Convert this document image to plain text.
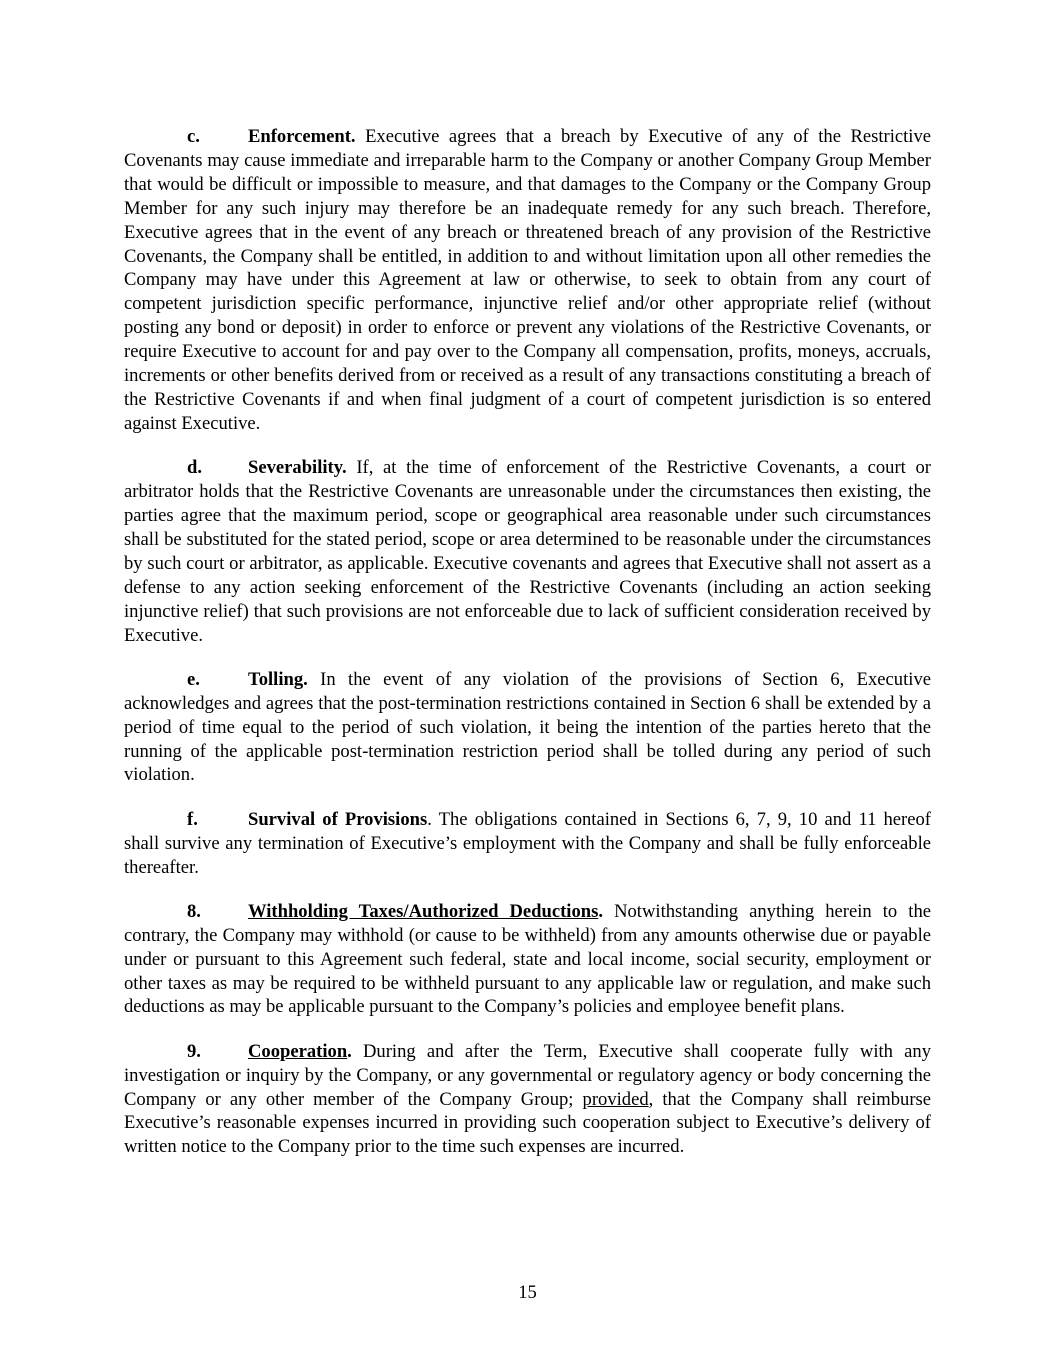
c.	Enforcement. Executive agrees that a breach by Executive of any of the Restrictive Covenants may cause immediate and irreparable harm to the Company or another Company Group Member that would be difficult or impossible to measure, and that damages to the Company or the Company Group Member for any such injury may therefore be an inadequate remedy for any such breach. Therefore, Executive agrees that in the event of any breach or threatened breach of any provision of the Restrictive Covenants, the Company shall be entitled, in addition to and without limitation upon all other remedies the Company may have under this Agreement at law or otherwise, to seek to obtain from any court of competent jurisdiction specific performance, injunctive relief and/or other appropriate relief (without posting any bond or deposit) in order to enforce or prevent any violations of the Restrictive Covenants, or require Executive to account for and pay over to the Company all compensation, profits, moneys, accruals, increments or other benefits derived from or received as a result of any transactions constituting a breach of the Restrictive Covenants if and when final judgment of a court of competent jurisdiction is so entered against Executive.

d. Severability. If, at the time of enforcement of the Restrictive Covenants, a court or arbitrator holds that the Restrictive Covenants are unreasonable under the circumstances then existing, the parties agree that the maximum period, scope or geographical area reasonable under such circumstances shall be substituted for the stated period, scope or area determined to be reasonable under the circumstances by such court or arbitrator, as applicable. Executive covenants and agrees that Executive shall not assert as a defense to any action seeking enforcement of the Restrictive Covenants (including an action seeking injunctive relief) that such provisions are not enforceable due to lack of sufficient consideration received by Executive.

e.	Tolling. In the event of any violation of the provisions of Section 6, Executive acknowledges and agrees that the post-termination restrictions contained in Section 6 shall be extended by a period of time equal to the period of such violation, it being the intention of the parties hereto that the running of the applicable post-termination restriction period shall be tolled during any period of such violation.

f.	Survival of Provisions. The obligations contained in Sections 6, 7, 9, 10 and 11 hereof shall survive any termination of Executive’s employment with the Company and shall be fully enforceable thereafter.

8.	Withholding Taxes/Authorized Deductions. Notwithstanding anything herein to the contrary, the Company may withhold (or cause to be withheld) from any amounts otherwise due or payable under or pursuant to this Agreement such federal, state and local income, social security, employment or other taxes as may be required to be withheld pursuant to any applicable law or regulation, and make such deductions as may be applicable pursuant to the Company’s policies and employee benefit plans.

9.	Cooperation. During and after the Term, Executive shall cooperate fully with any investigation or inquiry by the Company, or any governmental or regulatory agency or body concerning the Company or any other member of the Company Group; provided, that the Company shall reimburse Executive’s reasonable expenses incurred in providing such cooperation subject to Executive’s delivery of written notice to the Company prior to the time such expenses are incurred.

15
